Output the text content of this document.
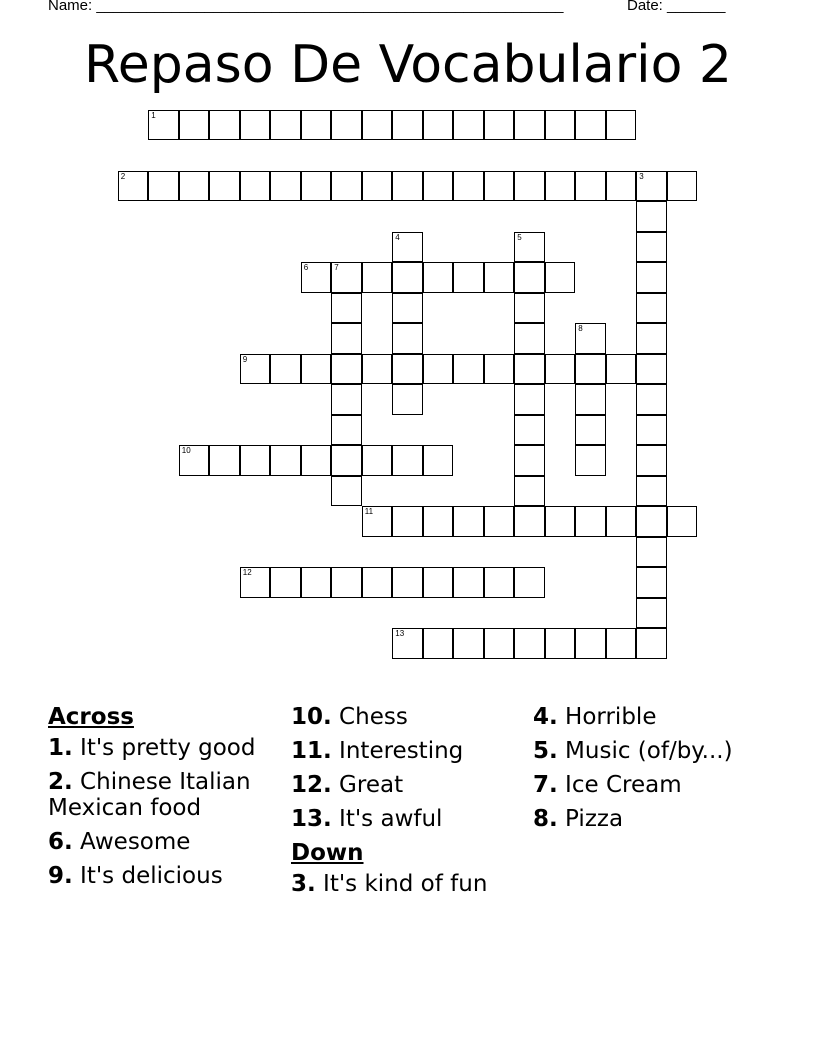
Name: ________________________________________________________	Date: _______
Repaso De Vocabulario 2
1
2	3
4	5
6	7
8
9
10
11
12
13
Across
1. It's pretty good
2. Chinese Italian Mexican food
6. Awesome
9. It's delicious
10. Chess
11. Interesting
12. Great
13. It's awful
Down
3. It's kind of fun
4. Horrible
5. Music (of/by...)
7. Ice Cream
8. Pizza
